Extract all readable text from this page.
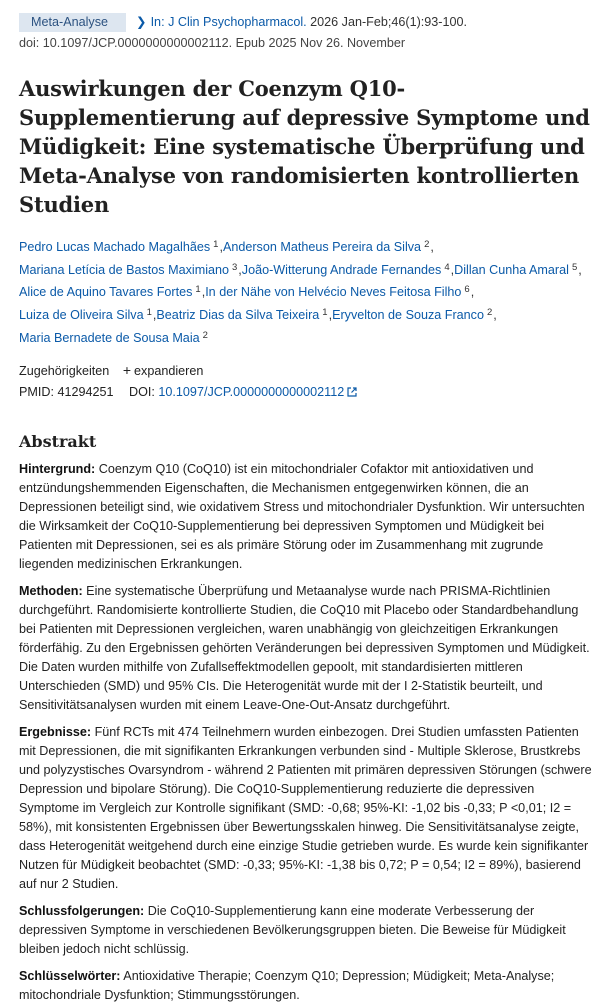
Meta-Analyse ❯ In: J Clin Psychopharmacol. 2026 Jan-Feb;46(1):93-100.
doi: 10.1097/JCP.0000000000002112. Epub 2025 Nov 26. November
Auswirkungen der Coenzym Q10-Supplementierung auf depressive Symptome und Müdigkeit: Eine systematische Überprüfung und Meta-Analyse von randomisierten kontrollierten Studien
Pedro Lucas Machado Magalhães $^1$,Anderson Matheus Pereira da Silva $^2$,
Mariana Letícia de Bastos Maximiano $^3$,João-Witterung Andrade Fernandes $^4$,Dillan Cunha Amaral $^5$,
Alice de Aquino Tavares Fortes $^1$,In der Nähe von Helvécio Neves Feitosa Filho $^6$,
Luiza de Oliveira Silva $^1$,Beatriz Dias da Silva Teixeira $^1$,Eryvelton de Souza Franco $^2$,
Maria Bernadete de Sousa Maia $^2$
Zugehörigkeiten + expandieren
PMID: 41294251 DOI: 10.1097/JCP.0000000000002112
Abstrakt

Hintergrund: Coenzym Q10 (CoQ10) ist ein mitochondrialer Cofaktor mit antioxidativen und entzündungshemmenden Eigenschaften, die Mechanismen entgegenwirken können, die an Depressionen beteiligt sind, wie oxidativem Stress und mitochondrialer Dysfunktion. Wir untersuchten die Wirksamkeit der CoQ10-Supplementierung bei depressiven Symptomen und Müdigkeit bei Patienten mit Depressionen, sei es als primäre Störung oder im Zusammenhang mit zugrunde liegenden medizinischen Erkrankungen.

Methoden: Eine systematische Überprüfung und Metaanalyse wurde nach PRISMA-Richtlinien durchgeführt. Randomisierte kontrollierte Studien, die CoQ10 mit Placebo oder Standardbehandlung bei Patienten mit Depressionen vergleichen, waren unabhängig von gleichzeitigen Erkrankungen förderfähig. Zu den Ergebnissen gehörten Veränderungen bei depressiven Symptomen und Müdigkeit. Die Daten wurden mithilfe von Zufallseffektmodellen gepoolt, mit standardisierten mittleren Unterschieden (SMD) und 95% CIs. Die Heterogenität wurde mit der I 2-Statistik beurteilt, und Sensitivitätsanalysen wurden mit einem Leave-One-Out-Ansatz durchgeführt.

Ergebnisse: Fünf RCTs mit 474 Teilnehmern wurden einbezogen. Drei Studien umfassten Patienten mit Depressionen, die mit signifikanten Erkrankungen verbunden sind - Multiple Sklerose, Brustkrebs und polyzystisches Ovarsyndrom - während 2 Patienten mit primären depressiven Störungen (schwere Depression und bipolare Störung). Die CoQ10-Supplementierung reduzierte die depressiven Symptome im Vergleich zur Kontrolle signifikant (SMD: -0,68; 95%-KI: -1,02 bis -0,33; P <0,01; I2 = 58%), mit konsistenten Ergebnissen über Bewertungsskalen hinweg. Die Sensitivitätsanalyse zeigte, dass Heterogenität weitgehend durch eine einzige Studie getrieben wurde. Es wurde kein signifikanter Nutzen für Müdigkeit beobachtet (SMD: -0,33; 95%-KI: -1,38 bis 0,72; P = 0,54; I2 = 89%), basierend auf nur 2 Studien.

Schlussfolgerungen: Die CoQ10-Supplementierung kann eine moderate Verbesserung der depressiven Symptome in verschiedenen Bevölkerungsgruppen bieten. Die Beweise für Müdigkeit bleiben jedoch nicht schlüssig.

Schlüsselwörter: Antioxidative Therapie; Coenzym Q10; Depression; Müdigkeit; Meta-Analyse; mitochondriale Dysfunktion; Stimmungsstörungen.
